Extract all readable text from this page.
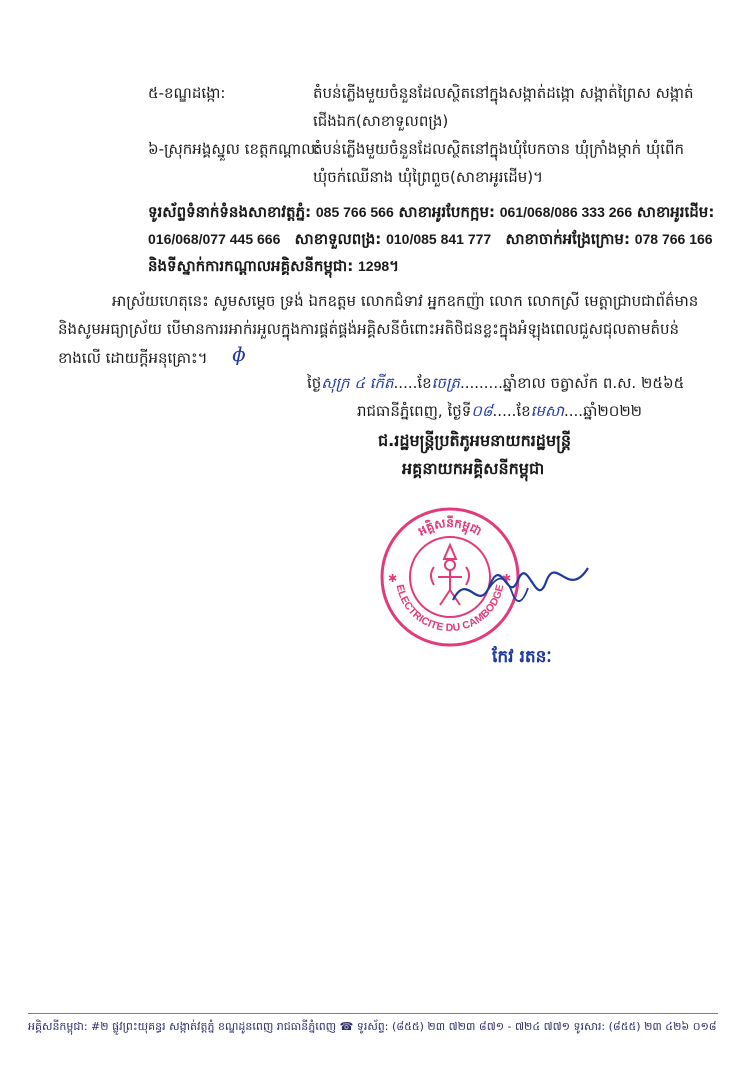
៥-ខណ្ឌដង្កោ:	តំបន់ភ្លើងមួយចំនួនដែលស្ថិតនៅក្នុងសង្កាត់ដង្កោ សង្កាត់ព្រៃស សង្កាត់
ជើងឯក(សាខាទួលពង្រ)
៦-ស្រុកអង្គស្នួល ខេត្តកណ្ដាល:
តំបន់ភ្លើងមួយចំនួនដែលស្ថិតនៅក្នុងឃុំបែកចាន ឃុំក្រាំងម្កាក់ ឃុំពើក
ឃុំចក់ឈើនាង ឃុំព្រៃពួច(សាខាអូរដើម)។
ទូរស័ព្ទទំនាក់ទំនងសាខាវត្តភ្នំ: 085 766 566 សាខាអូរបែកក្អម: 061/068/086 333 266 សាខាអូរដើម:
016/068/077 445 666 សាខាទួលពង្រ: 010/085 841 777 សាខាចាក់អង្រែក្រោម: 078 766 166
និងទីស្នាក់ការកណ្ដាលអគ្គិសនីកម្ពុជា: 1298។
អាស្រ័យហេតុនេះ សូមសម្ដេច ទ្រង់ ឯកឧត្ដម លោកជំទាវ អ្នកឧកញ៉ា លោក លោកស្រី មេត្តាជ្រាបជាព័ត៌មាន
និងសូមអធ្យាស្រ័យ បើមានការរអាក់រអួលក្នុងការផ្គត់ផ្គង់អគ្គិសនីចំពោះអតិថិជនខ្លះក្នុងអំឡុងពេលជួសជុលតាមតំបន់
ខាងលើ ដោយក្ដីអនុគ្រោះ។ ɸ
ថ្ងៃសុក្រ ៤ កើត.....ខែចេត្រ.........ឆ្នាំខាល ចត្វាស័ក ព.ស. ២៥៦៥
រាជធានីភ្នំពេញ, ថ្ងៃទី០៨.....ខែមេសា....ឆ្នាំ២០២២
ជ.រដ្ឋមន្ត្រីប្រតិភូអមនាយករដ្ឋមន្ត្រី
អគ្គនាយកអគ្គិសនីកម្ពុជា
អគ្គិសនីកម្ពុជា
ELECTRICITE DU CAMBODGE
✱	✱
កែវ រតនៈ
អគ្គិសនីកម្ពុជា: #២ ផ្លូវព្រះយុគន្ធរ សង្កាត់វត្តភ្នំ ខណ្ឌដូនពេញ រាជធានីភ្នំពេញ ☎ ទូរស័ព្ទ: (៨៥៥) ២៣ ៧២៣ ៨៧១ - ៧២៤ ៧៧១ ទូរសារ: (៨៥៥) ២៣ ៤២៦ ០១៨
